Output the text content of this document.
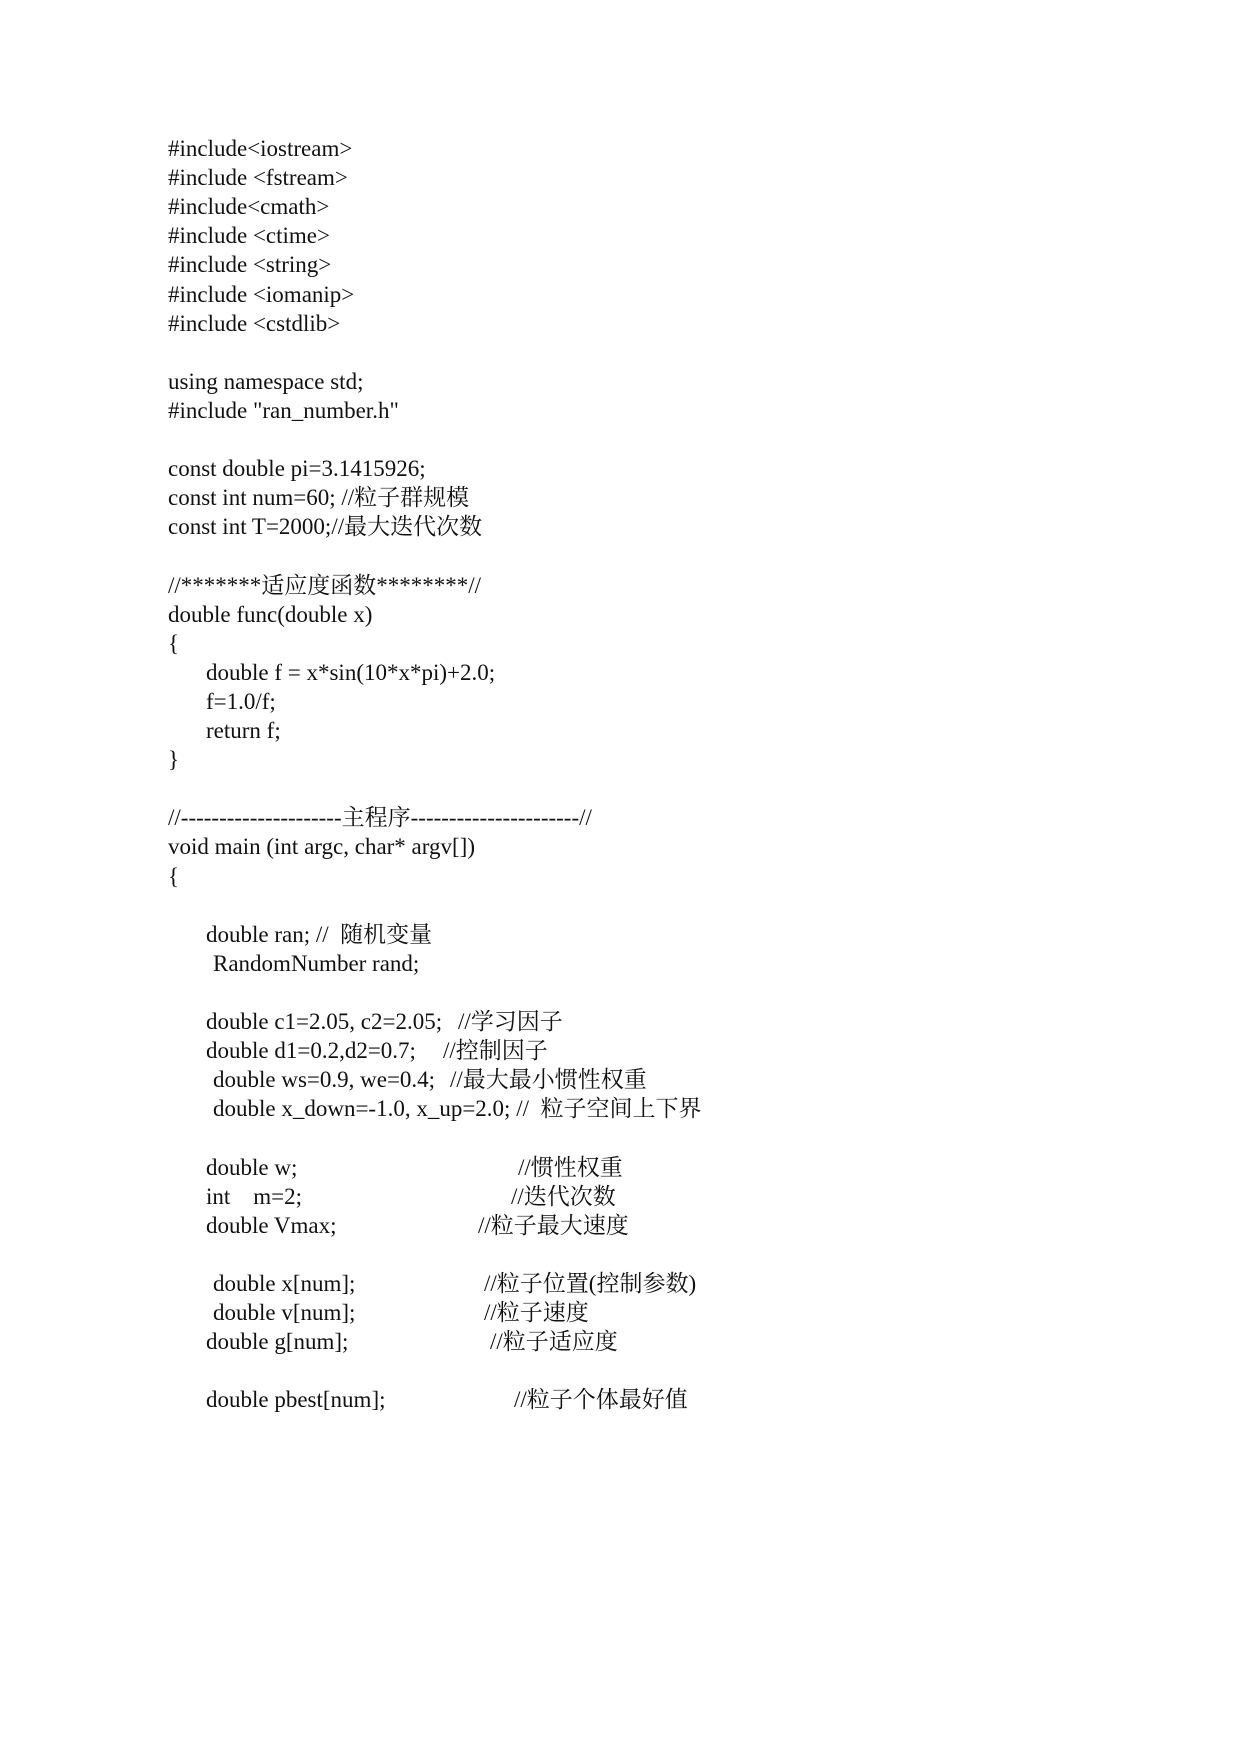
#include<iostream>
#include <fstream>
#include<cmath>
#include <ctime>
#include <string>
#include <iomanip>
#include <cstdlib>
using namespace std;
#include "ran_number.h"
const double pi=3.1415926;
const int num=60; //粒子群规模
const int T=2000;//最大迭代次数
//*******适应度函数********//
double func(double x)
{
double f = x*sin(10*x*pi)+2.0;
f=1.0/f;
return f;
}
//---------------------主程序----------------------//
void main (int argc, char* argv[])
{
double ran; //  随机变量
RandomNumber rand;
double c1=2.05, c2=2.05; //学习因子
double d1=0.2,d2=0.7; //控制因子
double ws=0.9, we=0.4; //最大最小惯性权重
double x_down=-1.0, x_up=2.0; //  粒子空间上下界
double w;	//惯性权重
int    m=2;	//迭代次数
double Vmax;	//粒子最大速度
double x[num];	//粒子位置(控制参数)
double v[num];	//粒子速度
double g[num];	//粒子适应度
double pbest[num];	//粒子个体最好值
